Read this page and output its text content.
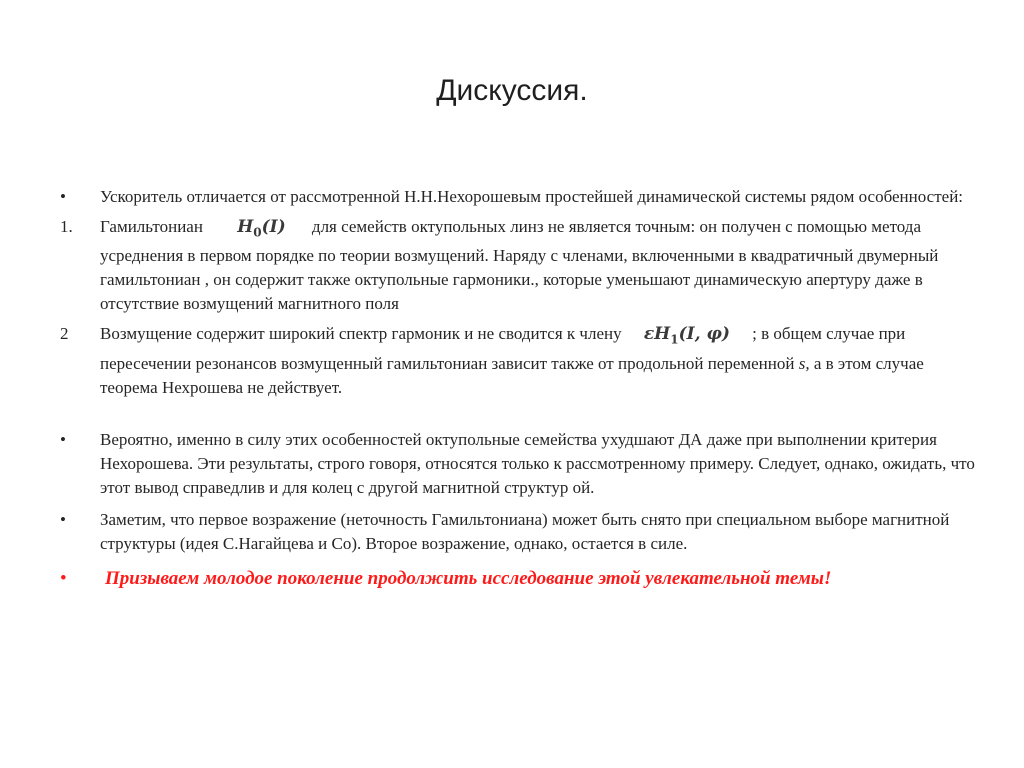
Дискуссия.
• Ускоритель отличается от рассмотренной Н.Н.Нехорошевым простейшей динамической системы рядом особенностей:
1. Гамильтониан $H_0(I)$ для семейств октупольных линз не является точным: он получен с помощью метода усреднения в первом порядке по теории возмущений. Наряду с членами, включенными в квадратичный двумерный гамильтониан , он содержит также октупольные гармоники., которые уменьшают динамическую апертуру даже в отсутствие возмущений магнитного поля
2 Возмущение содержит широкий спектр гармоник и не сводится к члену $\varepsilon H_1(I$, φ) ; в общем случае при пересечении резонансов возмущенный гамильтониан зависит также от продольной переменной s, а в этом случае теорема Нехрошева не действует.
• Вероятно, именно в силу этих особенностей октупольные семейства ухудшают ДА даже при выполнении критерия Нехорошева. Эти результаты, строго говоря, относятся только к рассмотренному примеру. Следует, однако, ожидать, что этот вывод справедлив и для колец с другой магнитной структур ой.
• Заметим, что первое возражение (неточность Гамильтониана) может быть снято при специальном выборе магнитной структуры (идея С.Нагайцева и Со). Второе возражение, однако, остается в силе.
• Призываем молодое поколение продолжить исследование этой увлекательной темы!
